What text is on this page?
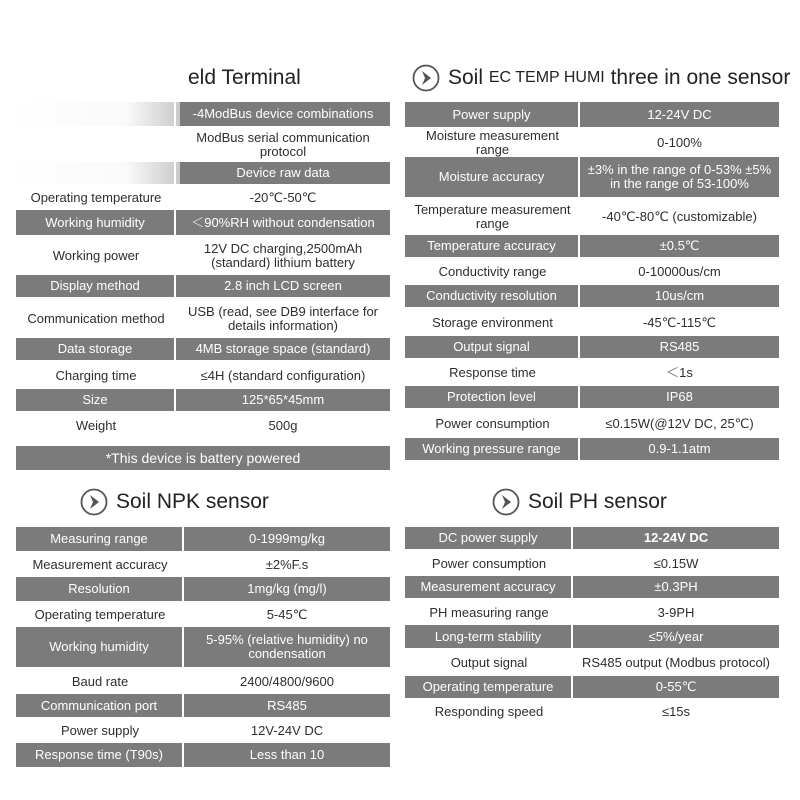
eld Terminal
	-4ModBus device combinations
	ModBus serial communication protocol
	Device raw data
Operating temperature	-20℃-50℃
Working humidity	＜90%RH without condensation
Working power	12V DC charging,2500mAh (standard) lithium battery
Display method	2.8 inch LCD screen
Communication method	USB (read, see DB9 interface for details information)
Data storage	4MB storage space (standard)
Charging time	≤4H (standard configuration)
Size	125*65*45mm
Weight	500g
*This device is battery powered
Soil EC TEMP HUMI three in one sensor
Power supply	12-24V DC
Moisture measurement range	0-100%
Moisture accuracy	±3% in the range of 0-53% ±5% in the range of 53-100%
Temperature measurement range	-40℃-80℃ (customizable)
Temperature accuracy	±0.5℃
Conductivity range	0-10000us/cm
Conductivity resolution	10us/cm
Storage environment	-45℃-115℃
Output signal	RS485
Response time	＜1s
Protection level	IP68
Power consumption	≤0.15W(@12V DC, 25℃)
Working pressure range	0.9-1.1atm
Soil NPK sensor
Measuring range	0-1999mg/kg
Measurement accuracy	±2%F.s
Resolution	1mg/kg (mg/l)
Operating temperature	5-45℃
Working humidity	5-95% (relative humidity) no condensation
Baud rate	2400/4800/9600
Communication port	RS485
Power supply	12V-24V DC
Response time (T90s)	Less than 10
Soil PH sensor
DC power supply	12-24V DC
Power consumption	≤0.15W
Measurement accuracy	±0.3PH
PH measuring range	3-9PH
Long-term stability	≤5%/year
Output signal	RS485 output (Modbus protocol)
Operating temperature	0-55℃
Responding speed	≤15s
